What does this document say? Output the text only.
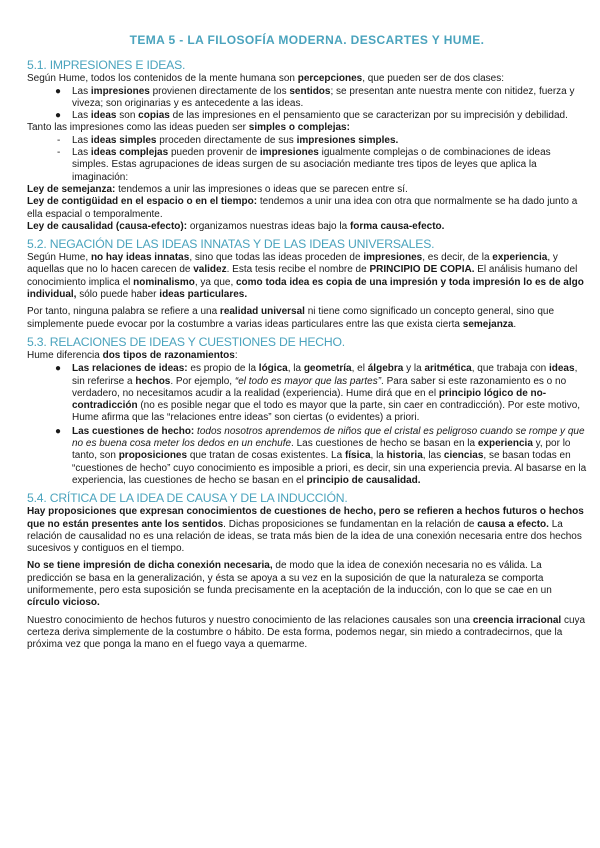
TEMA 5 - LA FILOSOFÍA MODERNA. DESCARTES Y HUME.
5.1. IMPRESIONES E IDEAS.

Según Hume, todos los contenidos de la mente humana son percepciones, que pueden ser de dos clases:

● Las impresiones provienen directamente de los sentidos; se presentan ante nuestra mente con nitidez, fuerza y viveza; son originarias y es antecedente a las ideas.
● Las ideas son copias de las impresiones en el pensamiento que se caracterizan por su imprecisión y debilidad.

Tanto las impresiones como las ideas pueden ser simples o complejas:

- Las ideas simples proceden directamente de sus impresiones simples.
- Las ideas complejas pueden provenir de impresiones igualmente complejas o de combinaciones de ideas simples. Estas agrupaciones de ideas surgen de su asociación mediante tres tipos de leyes que aplica la imaginación:

Ley de semejanza: tendemos a unir las impresiones o ideas que se parecen entre sí.

Ley de contigüidad en el espacio o en el tiempo: tendemos a unir una idea con otra que normalmente se ha dado junto a ella espacial o temporalmente.

Ley de causalidad (causa-efecto): organizamos nuestras ideas bajo la forma causa-efecto.

5.2. NEGACIÓN DE LAS IDEAS INNATAS Y DE LAS IDEAS UNIVERSALES.

Según Hume, no hay ideas innatas, sino que todas las ideas proceden de impresiones, es decir, de la experiencia, y aquellas que no lo hacen carecen de validez. Esta tesis recibe el nombre de PRINCIPIO DE COPIA. El análisis humano del conocimiento implica el nominalismo, ya que, como toda idea es copia de una impresión y toda impresión lo es de algo individual, sólo puede haber ideas particulares.

Por tanto, ninguna palabra se refiere a una realidad universal ni tiene como significado un concepto general, sino que simplemente puede evocar por la costumbre a varias ideas particulares entre las que exista cierta semejanza.

5.3. RELACIONES DE IDEAS Y CUESTIONES DE HECHO.

Hume diferencia dos tipos de razonamientos:

● Las relaciones de ideas: es propio de la lógica, la geometría, el álgebra y la aritmética, que trabaja con ideas, sin referirse a hechos. Por ejemplo, “el todo es mayor que las partes”. Para saber si este razonamiento es o no verdadero, no necesitamos acudir a la realidad (experiencia). Hume dirá que en el principio lógico de no-contradicción (no es posible negar que el todo es mayor que la parte, sin caer en contradicción). Por este motivo, Hume afirma que las “relaciones entre ideas” son ciertas (o evidentes) a priori.
● Las cuestiones de hecho: todos nosotros aprendemos de niños que el cristal es peligroso cuando se rompe y que no es buena cosa meter los dedos en un enchufe. Las cuestiones de hecho se basan en la experiencia y, por lo tanto, son proposiciones que tratan de cosas existentes. La física, la historia, las ciencias, se basan todas en “cuestiones de hecho” cuyo conocimiento es imposible a priori, es decir, sin una experiencia previa. Al basarse en la experiencia, las cuestiones de hecho se basan en el principio de causalidad.
5.4. CRÍTICA DE LA IDEA DE CAUSA Y DE LA INDUCCIÓN.

Hay proposiciones que expresan conocimientos de cuestiones de hecho, pero se refieren a hechos futuros o hechos que no están presentes ante los sentidos. Dichas proposiciones se fundamentan en la relación de causa a efecto. La relación de causalidad no es una relación de ideas, se trata más bien de la idea de una conexión necesaria entre dos hechos sucesivos y contiguos en el tiempo.

No se tiene impresión de dicha conexión necesaria, de modo que la idea de conexión necesaria no es válida. La predicción se basa en la generalización, y ésta se apoya a su vez en la suposición de que la naturaleza se comporta uniformemente, pero esta suposición se funda precisamente en la aceptación de la inducción, con lo que se cae en un círculo vicioso.

Nuestro conocimiento de hechos futuros y nuestro conocimiento de las relaciones causales son una creencia irracional cuya certeza deriva simplemente de la costumbre o hábito. De esta forma, podemos negar, sin miedo a contradecirnos, que la próxima vez que ponga la mano en el fuego vaya a quemarme.
